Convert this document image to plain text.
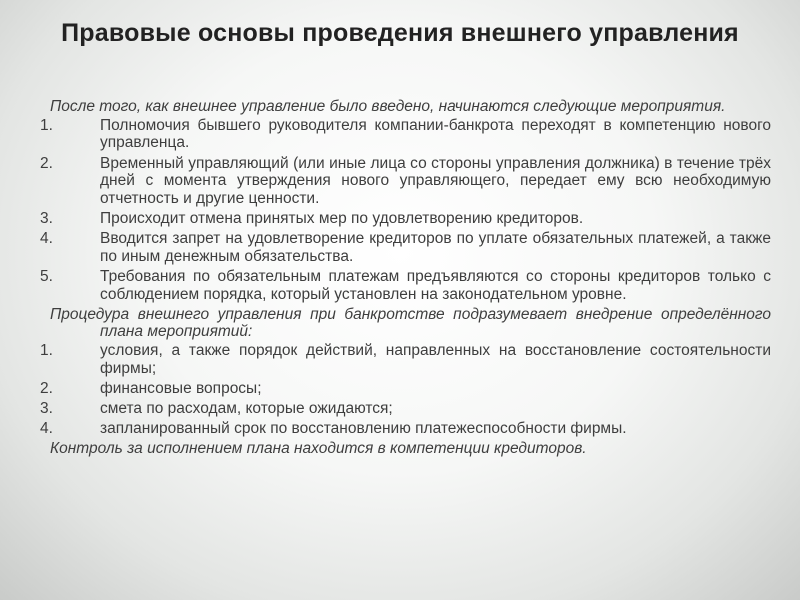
Правовые основы проведения внешнего управления

После того, как внешнее управление было введено, начинаются следующие мероприятия.

1.	Полномочия бывшего руководителя компании-банкрота переходят в компетенцию нового управленца.
2.	Временный управляющий (или иные лица со стороны управления должника) в течение трёх дней с момента утверждения нового управляющего, передает ему всю необходимую отчетность и другие ценности.
3.	Происходит отмена принятых мер по удовлетворению кредиторов.
4.	Вводится запрет на удовлетворение кредиторов по уплате обязательных платежей, а также по иным денежным обязательства.
5.	Требования по обязательным платежам предъявляются со стороны кредиторов только с соблюдением порядка, который установлен на законодательном уровне.

Процедура внешнего управления при банкротстве подразумевает внедрение определённого плана мероприятий:

1.	условия, а также порядок действий, направленных на восстановление состоятельности фирмы;
2.	финансовые вопросы;
3.	смета по расходам, которые ожидаются;
4.	запланированный срок по восстановлению платежеспособности фирмы.

Контроль за исполнением плана находится в компетенции кредиторов.
